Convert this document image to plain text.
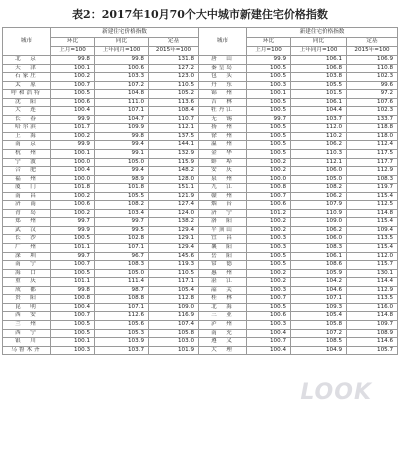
表2：2017年10月70个大中城市新建住宅价格指数
城市	新建住宅价格指数			城市	新建住宅价格指数		
	环比	同比	定基		环比	同比	定基
	上月=100	上年同月=100	2015年=100		上月=100	上年同月=100	2015年=100
北　京	99.8	99.8	131.8	唐　山	99.9	106.1	106.9
天　津	100.1	100.6	127.2	秦皇岛	100.5	106.8	110.8
石家庄	100.2	103.3	123.0	包　头	100.5	103.8	102.3
太　原	100.7	107.2	110.5	丹　东	100.3	105.5	99.6
呼和浩特	100.5	104.8	105.2	锦　州	100.1	101.5	97.2
沈　阳	100.6	111.0	113.6	吉　林	100.5	106.1	107.6
大　连	100.4	107.1	108.4	牡丹江	100.5	104.4	102.3
长　春	99.9	104.7	110.7	无　锡	99.7	103.7	133.7
哈尔滨	101.7	109.9	112.1	扬　州	100.5	112.0	118.8
上　海	100.2	99.8	137.5	徐　州	100.5	110.2	118.0
南　京	99.9	99.4	144.1	温　州	100.5	106.2	112.4
杭　州	100.1	99.1	132.9	金　华	100.5	110.3	117.5
宁　波	100.0	105.0	115.9	蚌　埠	100.2	112.1	117.7
合　肥	100.4	99.4	148.2	安　庆	100.2	106.0	112.9
福　州	100.0	98.9	128.0	泉　州	100.0	105.0	108.3
厦　门	101.8	101.8	151.1	九　江	100.8	108.2	119.7
南　昌	100.2	105.5	121.9	赣　州	100.7	106.2	115.4
济　南	100.6	108.2	127.4	烟　台	100.6	107.9	112.5
青　岛	100.2	103.4	124.0	济　宁	101.2	110.9	114.8
郑　州	99.7	99.7	138.2	洛　阳	100.2	109.0	115.4
武　汉	99.9	99.5	129.4	平顶山	100.2	106.2	109.4
长　沙	100.5	102.8	129.1	宜　昌	100.3	106.0	113.5
广　州	101.1	107.1	129.4	襄　阳	100.3	108.3	115.4
深　圳	99.7	96.7	145.6	岳　阳	100.5	106.1	112.0
南　宁	100.7	108.3	119.3	常　德	100.5	108.6	115.7
海　口	100.5	105.0	110.5	惠　州	100.2	105.9	130.1
重　庆	101.1	111.4	117.1	湛　江	100.2	104.2	114.4
成　都	99.8	98.7	105.4	韶　关	100.3	104.6	112.9
贵　阳	100.8	108.8	112.8	桂　林	100.7	107.1	113.5
昆　明	100.4	107.1	109.0	北　海	100.5	109.3	116.0
西　安	100.7	112.6	116.9	三　亚	100.6	105.4	114.8
兰　州	100.5	105.6	107.4	泸　州	100.3	105.8	109.7
西　宁	100.5	105.3	105.8	南　充	100.4	107.2	108.9
银　川	100.1	103.9	103.0	遵　义	100.7	108.5	114.6
乌鲁木齐	100.3	103.7	101.9	大　理	100.4	104.9	105.7
LOOK
